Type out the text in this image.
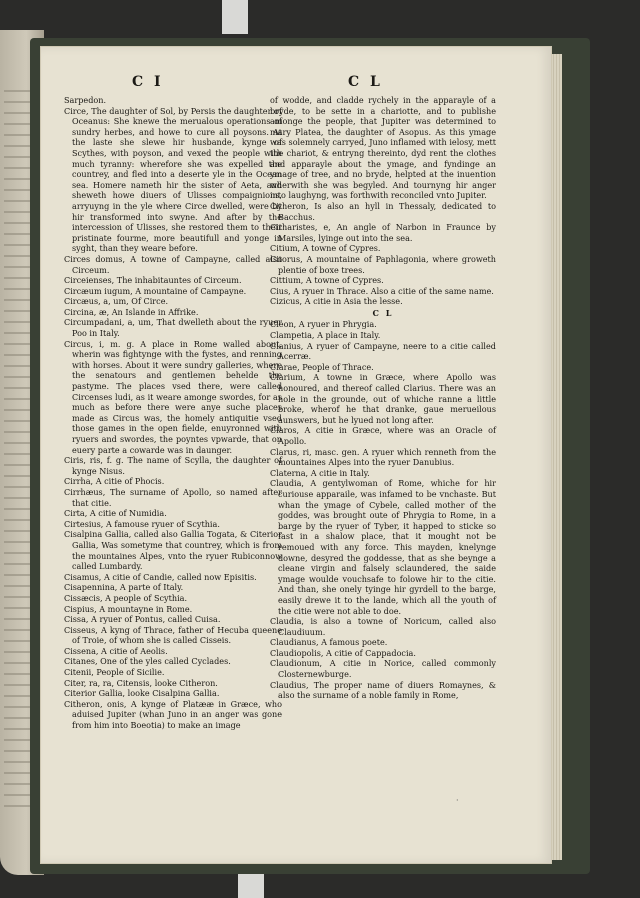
C I	C L

Sarpedon.

Circe, The daughter of Sol, by Persis the daughter of Oceanus: She knewe the merualous operations of sundry herbes, and howe to cure all poysons. At the laste she slewe hir husbande, kynge of Scythes, with poyson, and vexed the people with much tyranny: wherefore she was expelled the countrey, and fled into a deserte yle in the Ocean sea. Homere nameth hir the sister of Aeta, and sheweth howe diuers of Ulisses compaignions, arryuyng in the yle where Circe dwelled, were by hir transformed into swyne. And after by the intercession of Ulisses, she restored them to their pristinate fourme, more beautifull and yonge in syght, than they weare before.

Circes domus, A towne of Campayne, called also Circeum.

Circeienses, The inhabitauntes of Circeum.

Circæum iugum, A mountaine of Campayne.

Circæus, a, um, Of Circe.

Circina, æ, An Islande in Affrike.

Circumpadani, a, um, That dwelleth about the ryuer Poo in Italy.

Circus, i, m. g. A place in Rome walled about, wherin was fightynge with the fystes, and renning with horses. About it were sundry galleries, where the senatours and gentlemen behelde the pastyme. The places vsed there, were called Circenses ludi, as it weare amonge swordes, for as much as before there were anye suche places made as Circus was, the homely antiquitie vsed those games in the open fielde, enuyronned with ryuers and swordes, the poyntes vpwarde, that on euery parte a cowarde was in daunger.

Ciris, ris, f. g. The name of Scylla, the daughter of kynge Nisus.

Cirrha, A citie of Phocis.

Cirrhæus, The surname of Apollo, so named after that citie.

Cirta, A citie of Numidia.

Cirtesius, A famouse ryuer of Scythia.

Cisalpina Gallia, called also Gallia Togata, & Citerior Gallia, Was sometyme that countrey, which is from the mountaines Alpes, vnto the ryuer Rubiconnow called Lumbardy.

Cisamus, A citie of Candie, called now Episitis.

Cisapennina, A parte of Italy.

Cissæcis, A people of Scythia.

Cispius, A mountayne in Rome.

Cissa, A ryuer of Pontus, called Cuisa.

Cisseus, A kyng of Thrace, father of Hecuba queene of Troie, of whom she is called Cisseis.

Cissena, A citie of Aeolis.

Citanes, One of the yles called Cyclades.

Citenii, People of Sicilie.

Citer, ra, ra, Citensis, looke Citheron.

Citerior Gallia, looke Cisalpina Gallia.

Citheron, onis, A kynge of Platææ in Græce, who aduised Jupiter (whan Juno in an anger was gone from him into Boeotia) to make an image

of wodde, and cladde rychely in the apparayle of a bryde, to be sette in a chariotte, and to publishe amonge the people, that Jupiter was determined to mary Platea, the daughter of Asopus. As this ymage was solemnely carryed, Juno inflamed with ielosy, mett the chariot, & entryng thereinto, dyd rent the clothes and apparayle about the ymage, and fyndinge an ymage of tree, and no bryde, helpted at the inuention wherwith she was begyled. And tournyng hir anger into laughyng, was forthwith reconciled vnto Jupiter.

Citheron, Is also an hyll in Thessaly, dedicated to Bacchus.

Citharistes, e, An angle of Narbon in Fraunce by Marsiles, lyinge out into the sea.

Citium, A towne of Cypres.

Citorus, A mountaine of Paphlagonia, where groweth plentie of boxe trees.

Cittium, A towne of Cypres.

Cius, A ryuer in Thrace. Also a citie of the same name.

Cizicus, A citie in Asia the lesse.

C L

Cleon, A ryuer in Phrygia.

Clampetia, A place in Italy.

Clanius, A ryuer of Campayne, neere to a citie called Acerræ.

Clarae, People of Thrace.

Clarium, A towne in Græce, where Apollo was honoured, and thereof called Clarius. There was an hole in the grounde, out of whiche ranne a little broke, wherof he that dranke, gaue merueilous aunswers, but he lyued not long after.

Claros, A citie in Græce, where was an Oracle of Apollo.

Clarus, ri, masc. gen. A ryuer which renneth from the mountaines Alpes into the ryuer Danubius.

Claterna, A citie in Italy.

Claudia, A gentylwoman of Rome, whiche for hir curiouse apparaile, was infamed to be vnchaste. But whan the ymage of Cybele, called mother of the goddes, was brought oute of Phrygia to Rome, in a barge by the ryuer of Tyber, it happed to sticke so fast in a shalow place, that it mought not be remoued with any force. This mayden, knelynge downe, desyred the goddesse, that as she beynge a cleane virgin and falsely sclaundered, the saide ymage woulde vouchsafe to folowe hir to the citie. And than, she onely tyinge hir gyrdell to the barge, easily drewe it to the lande, which all the youth of the citie were not able to doe.

Claudia, is also a towne of Noricum, called also Claudiuum.

Claudianus, A famous poete.

Claudiopolis, A citie of Cappadocia.

Claudionum, A citie in Norice, called commonly Closternewburge.

Claudius, The proper name of diuers Romaynes, & also the surname of a noble family in Rome,

·
